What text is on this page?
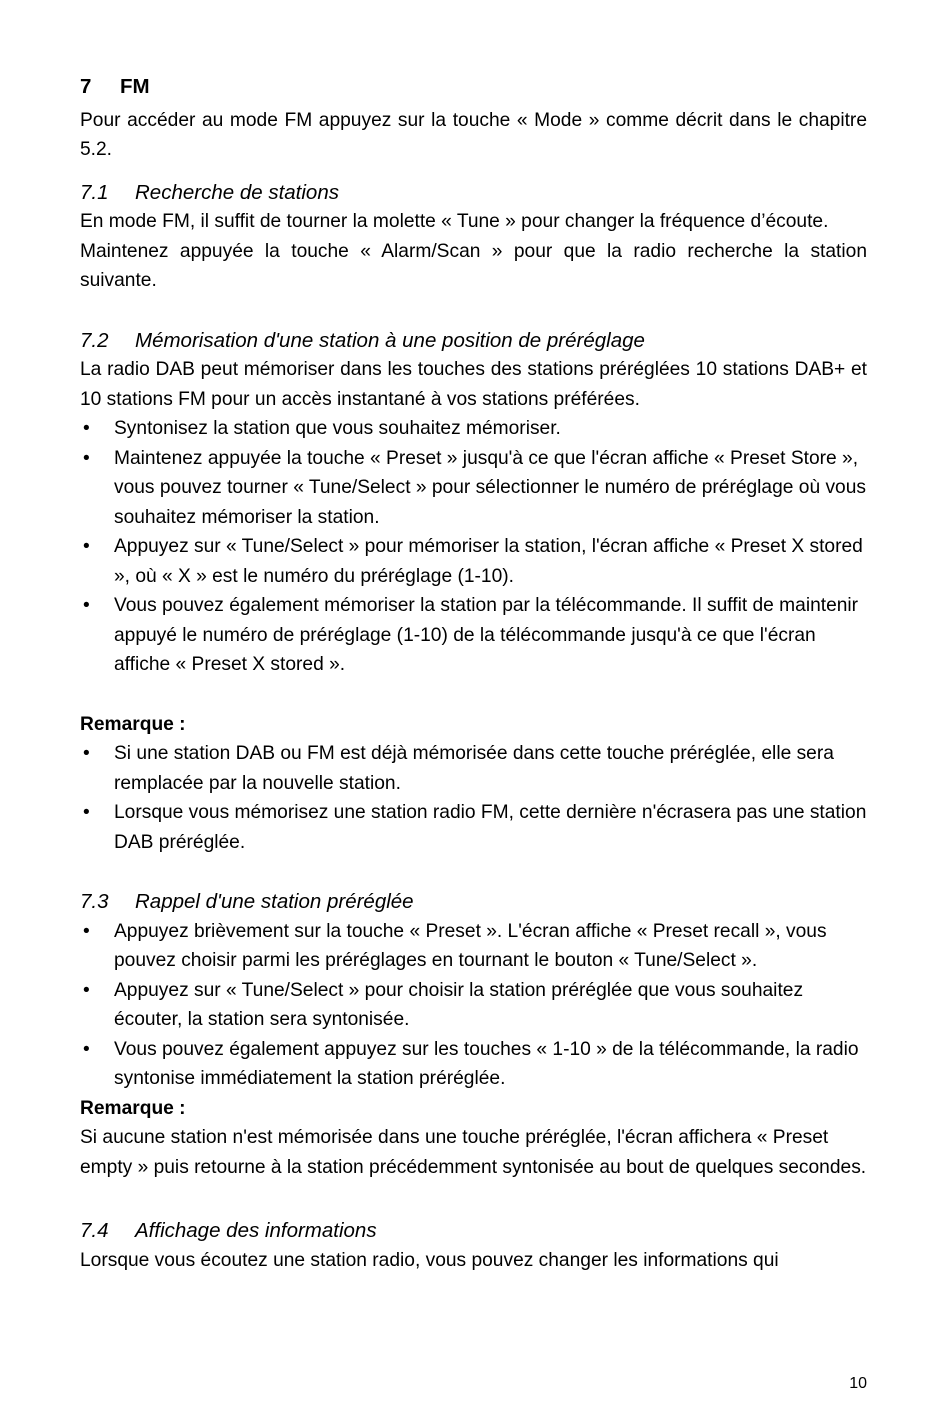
7 FM

Pour accéder au mode FM appuyez sur la touche « Mode » comme décrit dans le chapitre 5.2.

7.1 Recherche de stations

En mode FM, il suffit de tourner la molette « Tune » pour changer la fréquence d’écoute.

Maintenez appuyée la touche « Alarm/Scan » pour que la radio recherche la station suivante.

7.2 Mémorisation d'une station à une position de préréglage

La radio DAB peut mémoriser dans les touches des stations préréglées 10 stations DAB+ et 10 stations FM pour un accès instantané à vos stations préférées.

• Syntonisez la station que vous souhaitez mémoriser.
• Maintenez appuyée la touche « Preset » jusqu'à ce que l'écran affiche « Preset Store », vous pouvez tourner « Tune/Select » pour sélectionner le numéro de préréglage où vous souhaitez mémoriser la station.
• Appuyez sur « Tune/Select » pour mémoriser la station, l'écran affiche « Preset X stored », où « X » est le numéro du préréglage (1-10).
• Vous pouvez également mémoriser la station par la télécommande. Il suffit de maintenir appuyé le numéro de préréglage (1-10) de la télécommande jusqu'à ce que l'écran affiche « Preset X stored ».
Remarque :
• Si une station DAB ou FM est déjà mémorisée dans cette touche préréglée, elle sera remplacée par la nouvelle station.
• Lorsque vous mémorisez une station radio FM, cette dernière n'écrasera pas une station DAB préréglée.
7.3 Rappel d'une station préréglée
• Appuyez brièvement sur la touche « Preset ». L'écran affiche « Preset recall », vous pouvez choisir parmi les préréglages en tournant le bouton « Tune/Select ».
• Appuyez sur « Tune/Select » pour choisir la station préréglée que vous souhaitez écouter, la station sera syntonisée.
• Vous pouvez également appuyez sur les touches « 1-10 » de la télécommande, la radio syntonise immédiatement la station préréglée.
Remarque :

Si aucune station n'est mémorisée dans une touche préréglée, l'écran affichera « Preset empty » puis retourne à la station précédemment syntonisée au bout de quelques secondes.

7.4 Affichage des informations

Lorsque vous écoutez une station radio, vous pouvez changer les informations qui

10
